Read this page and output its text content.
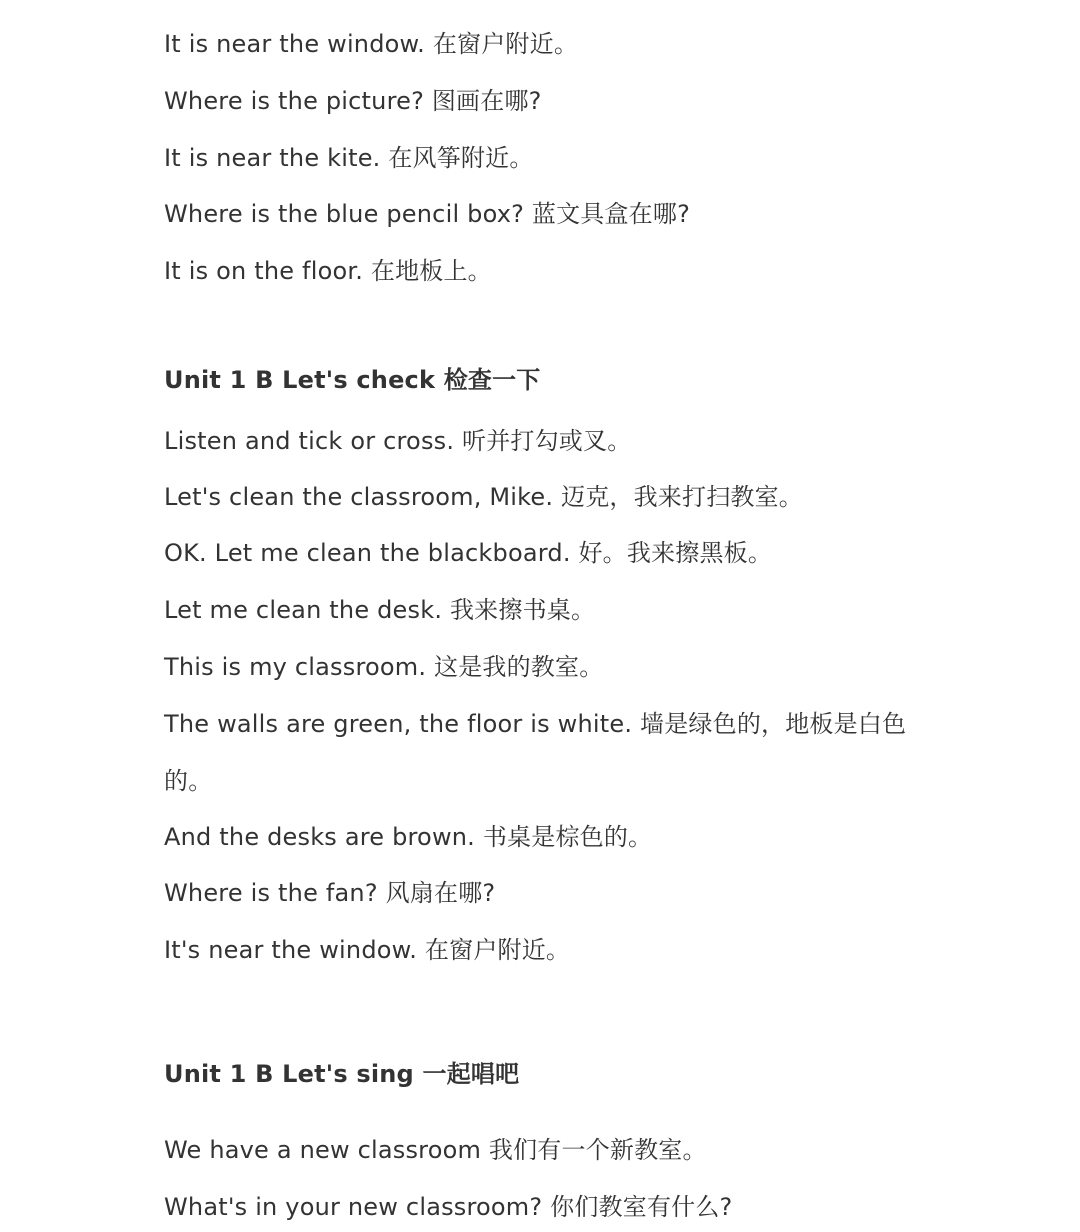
It is near the window. 在窗户附近。

Where is the picture? 图画在哪?

It is near the kite. 在风筝附近。

Where is the blue pencil box? 蓝文具盒在哪?

It is on the floor. 在地板上。

Unit 1 B Let's check 检查一下

Listen and tick or cross. 听并打勾或叉。

Let's clean the classroom, Mike. 迈克，我来打扫教室。

OK. Let me clean the blackboard. 好。我来擦黑板。

Let me clean the desk. 我来擦书桌。

This is my classroom. 这是我的教室。

The walls are green, the floor is white. 墙是绿色的，地板是白色

的。

And the desks are brown. 书桌是棕色的。

Where is the fan? 风扇在哪?

It's near the window. 在窗户附近。

Unit 1 B Let's sing 一起唱吧

We have a new classroom 我们有一个新教室。

What's in your new classroom? 你们教室有什么?
